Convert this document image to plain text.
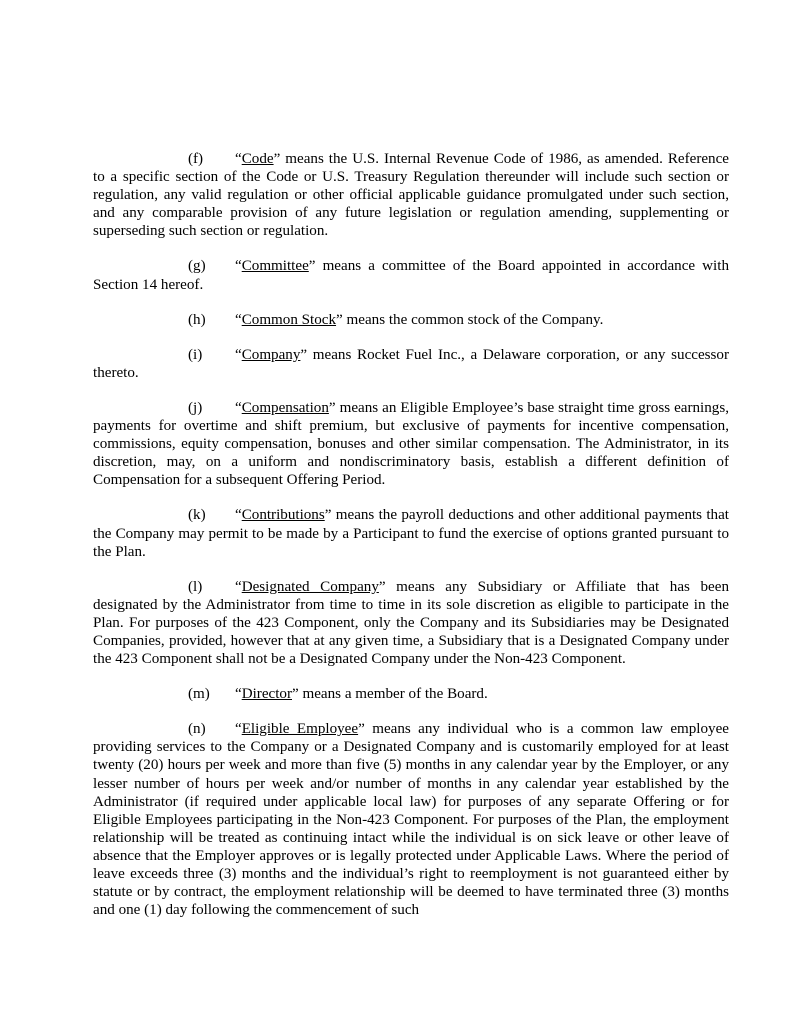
(f) “Code” means the U.S. Internal Revenue Code of 1986, as amended. Reference to a specific section of the Code or U.S. Treasury Regulation thereunder will include such section or regulation, any valid regulation or other official applicable guidance promulgated under such section, and any comparable provision of any future legislation or regulation amending, supplementing or superseding such section or regulation.

(g) “Committee” means a committee of the Board appointed in accordance with Section 14 hereof.

(h) “Common Stock” means the common stock of the Company.

(i) “Company” means Rocket Fuel Inc., a Delaware corporation, or any successor thereto.

(j) “Compensation” means an Eligible Employee’s base straight time gross earnings, payments for overtime and shift premium, but exclusive of payments for incentive compensation, commissions, equity compensation, bonuses and other similar compensation. The Administrator, in its discretion, may, on a uniform and nondiscriminatory basis, establish a different definition of Compensation for a subsequent Offering Period.

(k) “Contributions” means the payroll deductions and other additional payments that the Company may permit to be made by a Participant to fund the exercise of options granted pursuant to the Plan.

(l) “Designated Company” means any Subsidiary or Affiliate that has been designated by the Administrator from time to time in its sole discretion as eligible to participate in the Plan. For purposes of the 423 Component, only the Company and its Subsidiaries may be Designated Companies, provided, however that at any given time, a Subsidiary that is a Designated Company under the 423 Component shall not be a Designated Company under the Non-423 Component.

(m) “Director” means a member of the Board.

(n) “Eligible Employee” means any individual who is a common law employee providing services to the Company or a Designated Company and is customarily employed for at least twenty (20) hours per week and more than five (5) months in any calendar year by the Employer, or any lesser number of hours per week and/or number of months in any calendar year established by the Administrator (if required under applicable local law) for purposes of any separate Offering or for Eligible Employees participating in the Non-423 Component. For purposes of the Plan, the employment relationship will be treated as continuing intact while the individual is on sick leave or other leave of absence that the Employer approves or is legally protected under Applicable Laws. Where the period of leave exceeds three (3) months and the individual’s right to reemployment is not guaranteed either by statute or by contract, the employment relationship will be deemed to have terminated three (3) months and one (1) day following the commencement of such
